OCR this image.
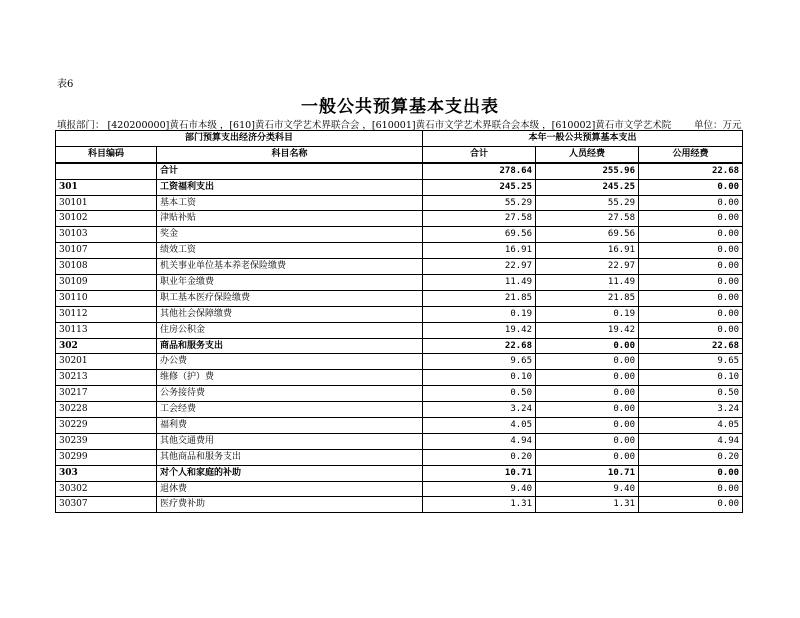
表6
一般公共预算基本支出表
填报部门： [420200000]黄石市本级 ，[610]黄石市文学艺术界联合会 ，[610001]黄石市文学艺术界联合会本级 ，[610002]黄石市文学艺术院 单位：万元
部门预算支出经济分类科目		本年一般公共预算基本支出		
科目编码	科目名称	合计	人员经费	公用经费
	合计	278.64	255.96	22.68
301	工资福利支出	245.25	245.25	0.00
30101	基本工资	55.29	55.29	0.00
30102	津贴补贴	27.58	27.58	0.00
30103	奖金	69.56	69.56	0.00
30107	绩效工资	16.91	16.91	0.00
30108	机关事业单位基本养老保险缴费	22.97	22.97	0.00
30109	职业年金缴费	11.49	11.49	0.00
30110	职工基本医疗保险缴费	21.85	21.85	0.00
30112	其他社会保障缴费	0.19	0.19	0.00
30113	住房公积金	19.42	19.42	0.00
302	商品和服务支出	22.68	0.00	22.68
30201	办公费	9.65	0.00	9.65
30213	维修（护）费	0.10	0.00	0.10
30217	公务接待费	0.50	0.00	0.50
30228	工会经费	3.24	0.00	3.24
30229	福利费	4.05	0.00	4.05
30239	其他交通费用	4.94	0.00	4.94
30299	其他商品和服务支出	0.20	0.00	0.20
303	对个人和家庭的补助	10.71	10.71	0.00
30302	退休费	9.40	9.40	0.00
30307	医疗费补助	1.31	1.31	0.00
